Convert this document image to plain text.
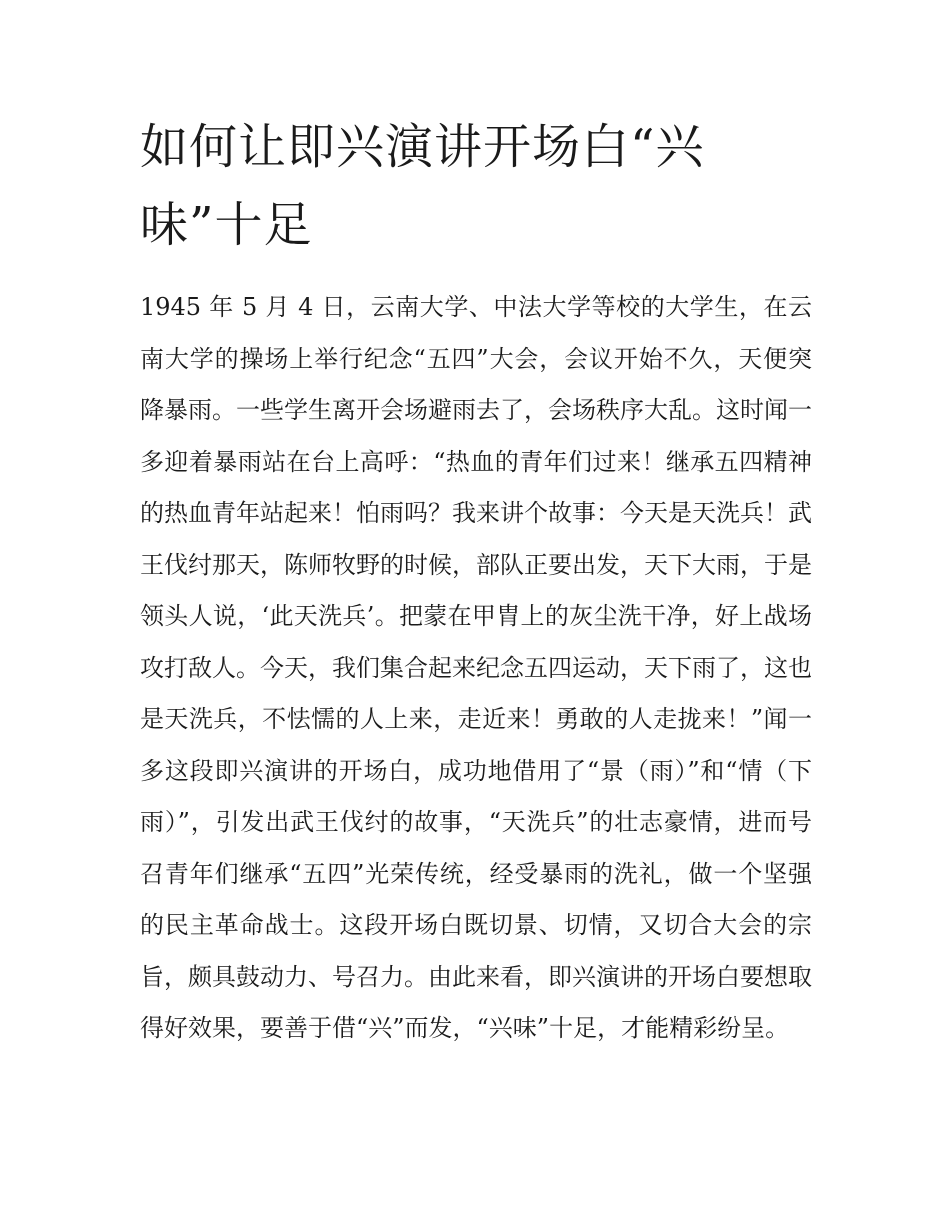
如何让即兴演讲开场白“兴味”十足

1945 年 5 月 4 日，云南大学、中法大学等校的大学生，在云南大学的操场上举行纪念“五四”大会，会议开始不久，天便突降暴雨。一些学生离开会场避雨去了，会场秩序大乱。这时闻一多迎着暴雨站在台上高呼：“热血的青年们过来！继承五四精神的热血青年站起来！怕雨吗？我来讲个故事：今天是天洗兵！武王伐纣那天，陈师牧野的时候，部队正要出发，天下大雨，于是领头人说，‘此天洗兵’。把蒙在甲胄上的灰尘洗干净，好上战场攻打敌人。今天，我们集合起来纪念五四运动，天下雨了，这也是天洗兵，不怯懦的人上来，走近来！勇敢的人走拢来！”闻一多这段即兴演讲的开场白，成功地借用了“景（雨）”和“情（下雨）”，引发出武王伐纣的故事，“天洗兵”的壮志豪情，进而号召青年们继承“五四”光荣传统，经受暴雨的洗礼，做一个坚强的民主革命战士。这段开场白既切景、切情，又切合大会的宗旨，颇具鼓动力、号召力。由此来看，即兴演讲的开场白要想取得好效果，要善于借“兴”而发，“兴味”十足，才能精彩纷呈。
